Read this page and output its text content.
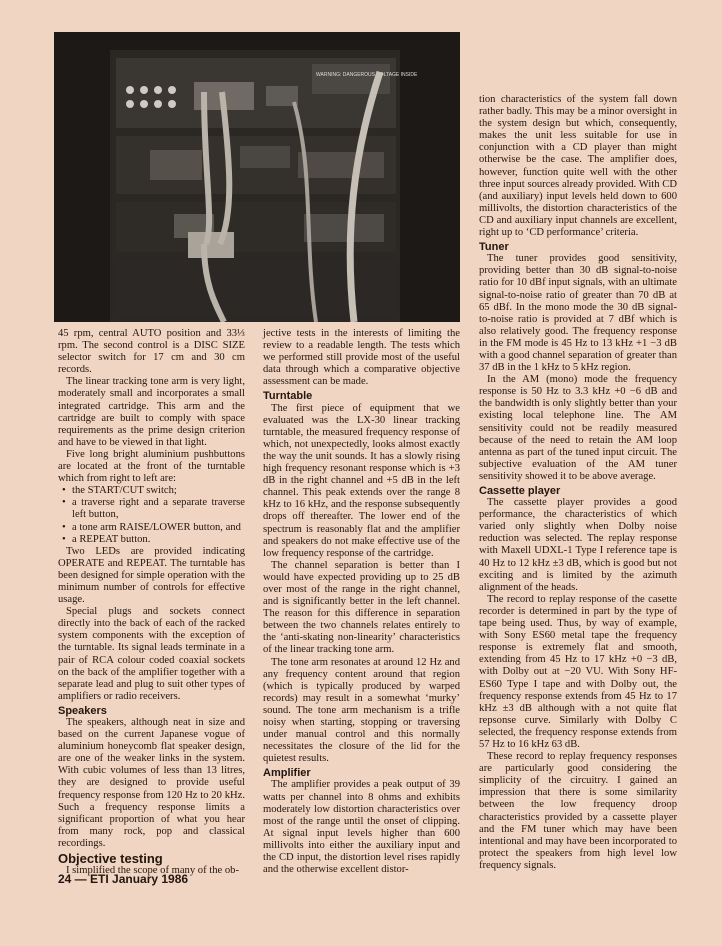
WARNING: DANGEROUS VOLTAGE INSIDE

45 rpm, central AUTO position and 33⅓ rpm. The second control is a DISC SIZE selector switch for 17 cm and 30 cm records.

The linear tracking tone arm is very light, moderately small and incorporates a small integrated cartridge. This arm and the cartridge are built to comply with space requirements as the prime design criterion and have to be viewed in that light.

Five long bright aluminium pushbuttons are located at the front of the turntable which from right to left are:

• the START/CUT switch;
• a traverse right and a separate traverse left button,
• a tone arm RAISE/LOWER button, and
• a REPEAT button.

Two LEDs are provided indicating OPERATE and REPEAT. The turntable has been designed for simple operation with the minimum number of controls for effective usage.

Special plugs and sockets connect directly into the back of each of the racked system components with the exception of the turntable. Its signal leads terminate in a pair of RCA colour coded coaxial sockets on the back of the amplifier together with a separate lead and plug to suit other types of amplifiers or radio receivers.

Speakers

The speakers, although neat in size and based on the current Japanese vogue of aluminium honeycomb flat speaker design, are one of the weaker links in the system. With cubic volumes of less than 13 litres, they are designed to provide useful frequency response from 120 Hz to 20 kHz. Such a frequency response limits a significant proportion of what you hear from many rock, pop and classical recordings.

Objective testing

I simplified the scope of many of the ob-

jective tests in the interests of limiting the review to a readable length. The tests which we performed still provide most of the useful data through which a comparative objective assessment can be made.

Turntable

The first piece of equipment that we evaluated was the LX-30 linear tracking turntable, the measured frequency response of which, not unexpectedly, looks almost exactly the way the unit sounds. It has a slowly rising high frequency resonant response which is +3 dB in the right channel and +5 dB in the left channel. This peak extends over the range 8 kHz to 16 kHz, and the response subsequently drops off thereafter. The lower end of the spectrum is reasonably flat and the amplifier and speakers do not make effective use of the low frequency response of the cartridge.

The channel separation is better than I would have expected providing up to 25 dB over most of the range in the right channel, and is significantly better in the left channel. The reason for this difference in separation between the two channels relates entirely to the ‘anti-skating non-linearity’ characteristics of the linear tracking tone arm.

The tone arm resonates at around 12 Hz and any frequency content around that region (which is typically produced by warped records) may result in a somewhat ‘murky’ sound. The tone arm mechanism is a trifle noisy when starting, stopping or traversing under manual control and this normally necessitates the closure of the lid for the quietest results.

Amplifier

The amplifier provides a peak output of 39 watts per channel into 8 ohms and exhibits moderately low distortion characteristics over most of the range until the onset of clipping. At signal input levels higher than 600 millivolts into either the auxiliary input and the CD input, the distortion level rises rapidly and the otherwise excellent distor-

tion characteristics of the system fall down rather badly. This may be a minor oversight in the system design but which, consequently, makes the unit less suitable for use in conjunction with a CD player than might otherwise be the case. The amplifier does, however, function quite well with the other three input sources already provided. With CD (and auxiliary) input levels held down to 600 millivolts, the distortion characteristics of the CD and auxiliary input channels are excellent, right up to ‘CD performance’ criteria.

Tuner

The tuner provides good sensitivity, providing better than 30 dB signal-to-noise ratio for 10 dBf input signals, with an ultimate signal-to-noise ratio of greater than 70 dB at 65 dBf. In the mono mode the 30 dB signal-to-noise ratio is provided at 7 dBf which is also relatively good. The frequency response in the FM mode is 45 Hz to 13 kHz +1 −3 dB with a good channel separation of greater than 37 dB in the 1 kHz to 5 kHz region.

In the AM (mono) mode the frequency response is 50 Hz to 3.3 kHz +0 −6 dB and the bandwidth is only slightly better than your existing local telephone line. The AM sensitivity could not be readily measured because of the need to retain the AM loop antenna as part of the tuned input circuit. The subjective evaluation of the AM tuner sensitivity showed it to be above average.

Cassette player

The cassette player provides a good performance, the characteristics of which varied only slightly when Dolby noise reduction was selected. The replay response with Maxell UDXL-1 Type I reference tape is 40 Hz to 12 kHz ±3 dB, which is good but not exciting and is limited by the azimuth alignment of the heads.

The record to replay response of the casette recorder is determined in part by the type of tape being used. Thus, by way of example, with Sony ES60 metal tape the frequency response is extremely flat and smooth, extending from 45 Hz to 17 kHz +0 −3 dB, with Dolby out at −20 VU. With Sony HF-ES60 Type I tape and with Dolby out, the frequency response extends from 45 Hz to 17 kHz ±3 dB although with a not quite flat repsonse curve. Similarly with Dolby C selected, the frequency response extends from 57 Hz to 16 kHz 63 dB.

These record to replay frequency responses are particularly good considering the simplicity of the circuitry. I gained an impression that there is some similarity between the low frequency droop characteristics provided by a cassette player and the FM tuner which may have been intentional and may have been incorporated to protect the speakers from high level low frequency signals.

24 — ETI January 1986
